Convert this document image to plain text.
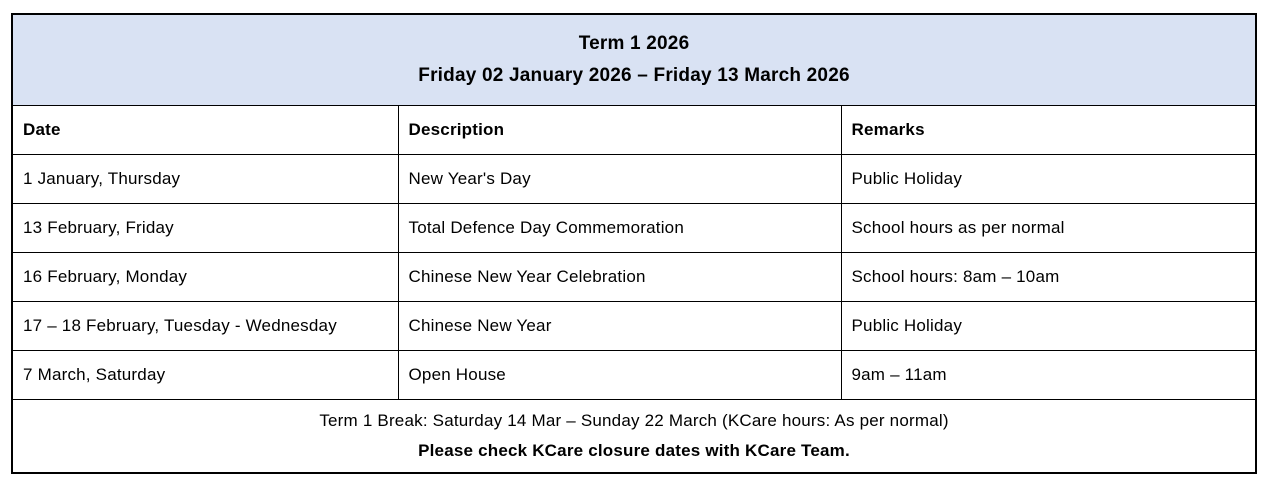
Term 1 2026
Friday 02 January 2026 – Friday 13 March 2026		

Date	Description	Remarks
1 January, Thursday	New Year's Day	Public Holiday
13 February, Friday	Total Defence Day Commemoration	School hours as per normal
16 February, Monday	Chinese New Year Celebration	School hours: 8am – 10am
17 – 18 February, Tuesday - Wednesday	Chinese New Year	Public Holiday
7 March, Saturday	Open House	9am – 11am

Term 1 Break: Saturday 14 Mar – Sunday 22 March (KCare hours: As per normal)
Please check KCare closure dates with KCare Team.		
